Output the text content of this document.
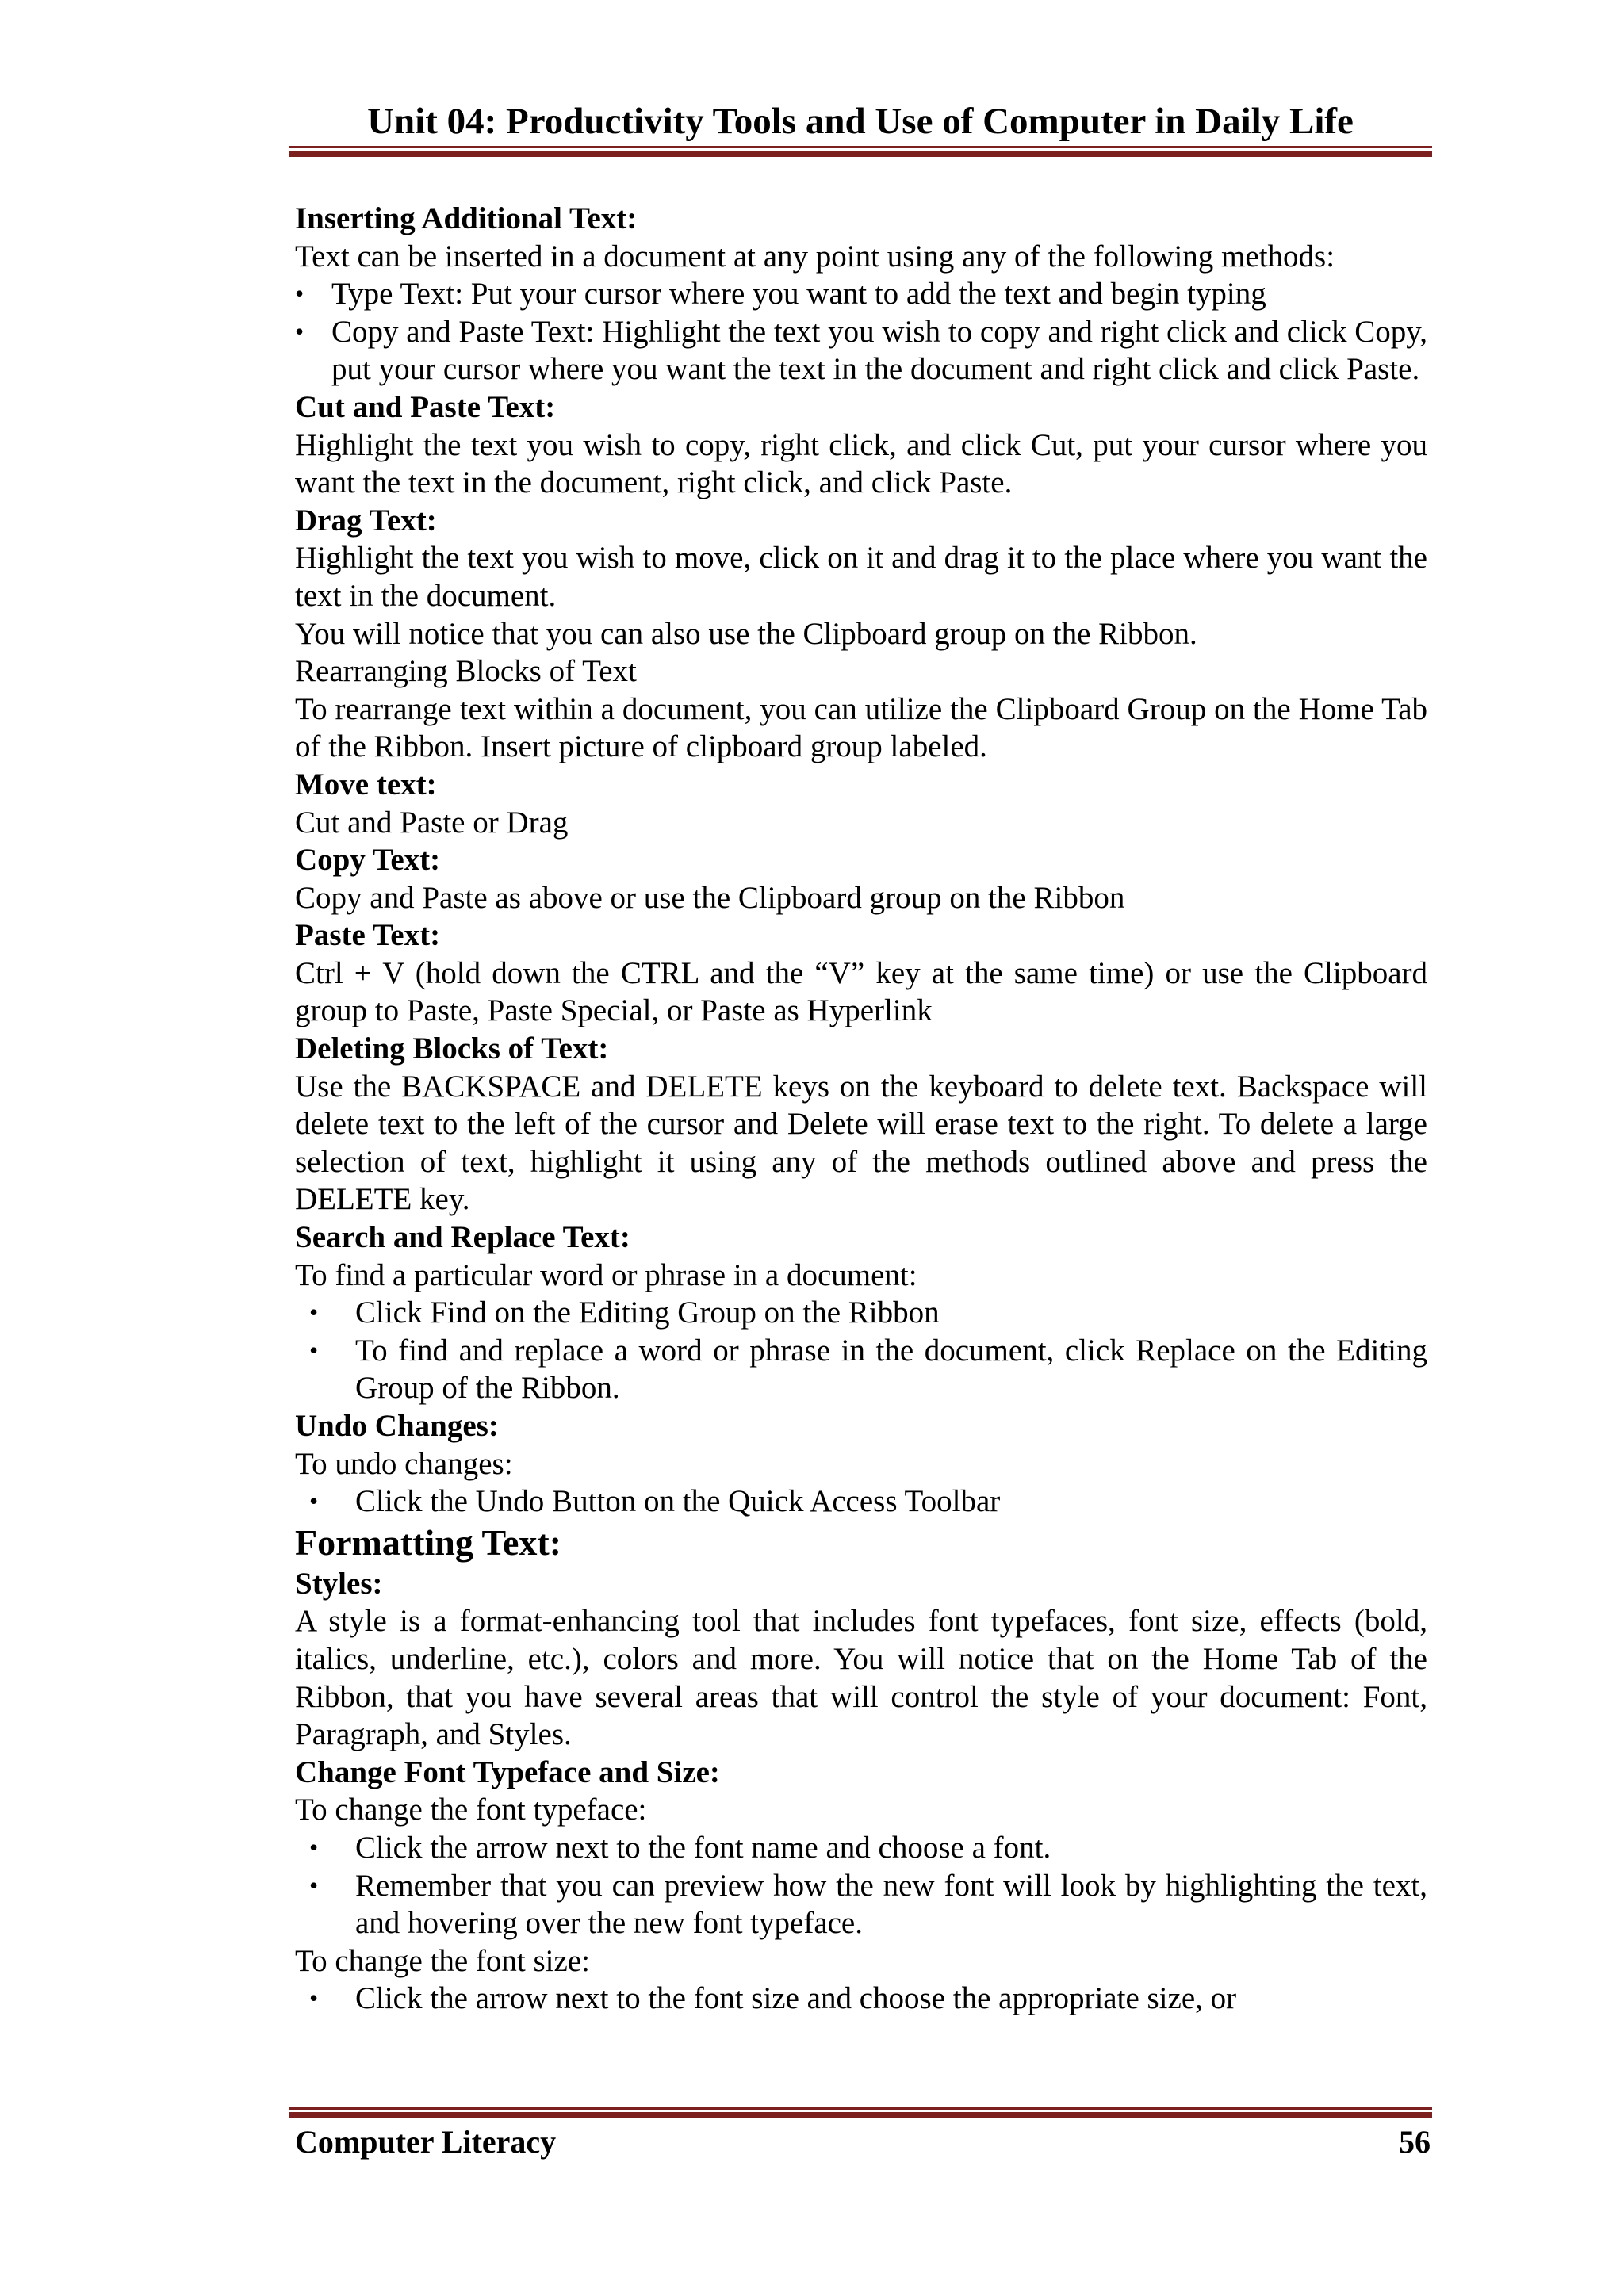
Unit 04: Productivity Tools and Use of Computer in Daily Life

Inserting Additional Text:

Text can be inserted in a document at any point using any of the following methods:

• Type Text: Put your cursor where you want to add the text and begin typing
• Copy and Paste Text: Highlight the text you wish to copy and right click and click Copy, put your cursor where you want the text in the document and right click and click Paste.

Cut and Paste Text:

Highlight the text you wish to copy, right click, and click Cut, put your cursor where you want the text in the document, right click, and click Paste.

Drag Text:

Highlight the text you wish to move, click on it and drag it to the place where you want the text in the document.

You will notice that you can also use the Clipboard group on the Ribbon.

Rearranging Blocks of Text

To rearrange text within a document, you can utilize the Clipboard Group on the Home Tab of the Ribbon. Insert picture of clipboard group labeled.

Move text:

Cut and Paste or Drag

Copy Text:

Copy and Paste as above or use the Clipboard group on the Ribbon

Paste Text:

Ctrl + V (hold down the CTRL and the “V” key at the same time) or use the Clipboard group to Paste, Paste Special, or Paste as Hyperlink

Deleting Blocks of Text:

Use the BACKSPACE and DELETE keys on the keyboard to delete text. Backspace will delete text to the left of the cursor and Delete will erase text to the right. To delete a large selection of text, highlight it using any of the methods outlined above and press the DELETE key.

Search and Replace Text:

To find a particular word or phrase in a document:

• Click Find on the Editing Group on the Ribbon
• To find and replace a word or phrase in the document, click Replace on the Editing Group of the Ribbon.

Undo Changes:

To undo changes:

• Click the Undo Button on the Quick Access Toolbar

Formatting Text:

Styles:

A style is a format-enhancing tool that includes font typefaces, font size, effects (bold, italics, underline, etc.), colors and more. You will notice that on the Home Tab of the Ribbon, that you have several areas that will control the style of your document: Font, Paragraph, and Styles.

Change Font Typeface and Size:

To change the font typeface:

• Click the arrow next to the font name and choose a font.
• Remember that you can preview how the new font will look by highlighting the text, and hovering over the new font typeface.

To change the font size:

• Click the arrow next to the font size and choose the appropriate size, or
Computer Literacy	56
